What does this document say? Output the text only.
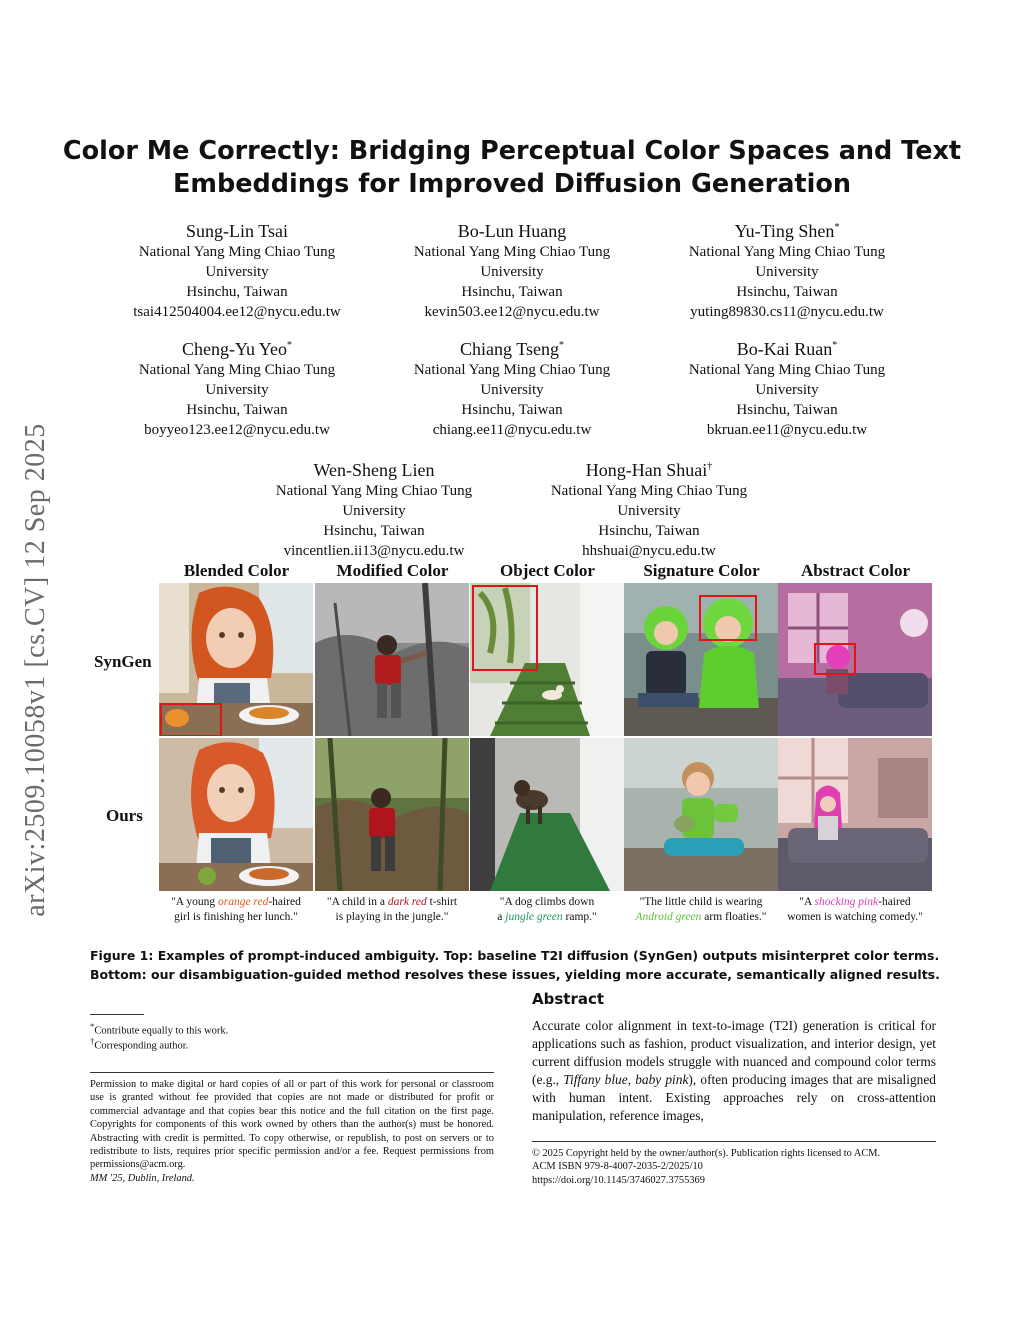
arXiv:2509.10058v1 [cs.CV] 12 Sep 2025
Color Me Correctly: Bridging Perceptual Color Spaces and Text
Embeddings for Improved Diffusion Generation
Sung-Lin Tsai
National Yang Ming Chiao Tung
University
Hsinchu, Taiwan
tsai412504004.ee12@nycu.edu.tw
Bo-Lun Huang
National Yang Ming Chiao Tung
University
Hsinchu, Taiwan
kevin503.ee12@nycu.edu.tw
Yu-Ting Shen*
National Yang Ming Chiao Tung
University
Hsinchu, Taiwan
yuting89830.cs11@nycu.edu.tw
Cheng-Yu Yeo*
National Yang Ming Chiao Tung
University
Hsinchu, Taiwan
boyyeo123.ee12@nycu.edu.tw
Chiang Tseng*
National Yang Ming Chiao Tung
University
Hsinchu, Taiwan
chiang.ee11@nycu.edu.tw
Bo-Kai Ruan*
National Yang Ming Chiao Tung
University
Hsinchu, Taiwan
bkruan.ee11@nycu.edu.tw
Wen-Sheng Lien
National Yang Ming Chiao Tung
University
Hsinchu, Taiwan
vincentlien.ii13@nycu.edu.tw
Hong-Han Shuai†
National Yang Ming Chiao Tung
University
Hsinchu, Taiwan
hhshuai@nycu.edu.tw
Blended Color	Modified Color	Object Color	Signature Color	Abstract Color
SynGen
Ours
"A young orange red-haired
girl is finishing her lunch."
"A child in a dark red t-shirt
is playing in the jungle."
"A dog climbs down
a jungle green ramp."
"The little child is wearing
Android green arm floaties."
"A shocking pink-haired
women is watching comedy."
Figure 1: Examples of prompt-induced ambiguity. Top: baseline T2I diffusion (SynGen) outputs misinterpret color terms. Bottom: our disambiguation-guided method resolves these issues, yielding more accurate, semantically aligned results.
*Contribute equally to this work.
†Corresponding author.
Permission to make digital or hard copies of all or part of this work for personal or classroom use is granted without fee provided that copies are not made or distributed for profit or commercial advantage and that copies bear this notice and the full citation on the first page. Copyrights for components of this work owned by others than the author(s) must be honored. Abstracting with credit is permitted. To copy otherwise, or republish, to post on servers or to redistribute to lists, requires prior specific permission and/or a fee. Request permissions from permissions@acm.org.
MM '25, Dublin, Ireland.
Abstract
Accurate color alignment in text-to-image (T2I) generation is critical for applications such as fashion, product visualization, and interior design, yet current diffusion models struggle with nuanced and compound color terms (e.g., Tiffany blue, baby pink), often producing images that are misaligned with human intent. Existing approaches rely on cross-attention manipulation, reference images,
© 2025 Copyright held by the owner/author(s). Publication rights licensed to ACM.
ACM ISBN 979-8-4007-2035-2/2025/10
https://doi.org/10.1145/3746027.3755369
